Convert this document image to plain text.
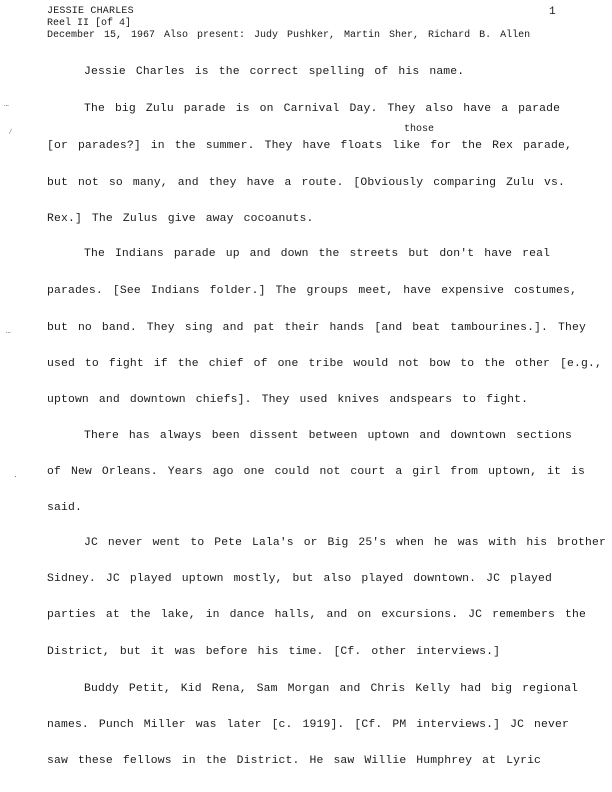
JESSIE CHARLES
Reel II [of 4]
December 15, 1967 Also present: Judy Pushker, Martin Sher, Richard B. Allen
1
…
∕
…
․
Jessie Charles is the correct spelling of his name.
The big Zulu parade is on Carnival Day. They also have a parade
[or parades?] in the summer. They have floats like for the Rex parade,
but not so many, and they have a route. [Obviously comparing Zulu vs.
Rex.] The Zulus give away cocoanuts.
those
The Indians parade up and down the streets but don't have real
parades. [See Indians folder.] The groups meet, have expensive costumes,
but no band. They sing and pat their hands [and beat tambourines.]. They
used to fight if the chief of one tribe would not bow to the other [e.g.,
uptown and downtown chiefs]. They used knives andspears to fight.
There has always been dissent between uptown and downtown sections
of New Orleans. Years ago one could not court a girl from uptown, it is
said.
JC never went to Pete Lala's or Big 25's when he was with his brother
Sidney. JC played uptown mostly, but also played downtown. JC played
parties at the lake, in dance halls, and on excursions. JC remembers the
District, but it was before his time. [Cf. other interviews.]
Buddy Petit, Kid Rena, Sam Morgan and Chris Kelly had big regional
names. Punch Miller was later [c. 1919]. [Cf. PM interviews.] JC never
saw these fellows in the District. He saw Willie Humphrey at Lyric
